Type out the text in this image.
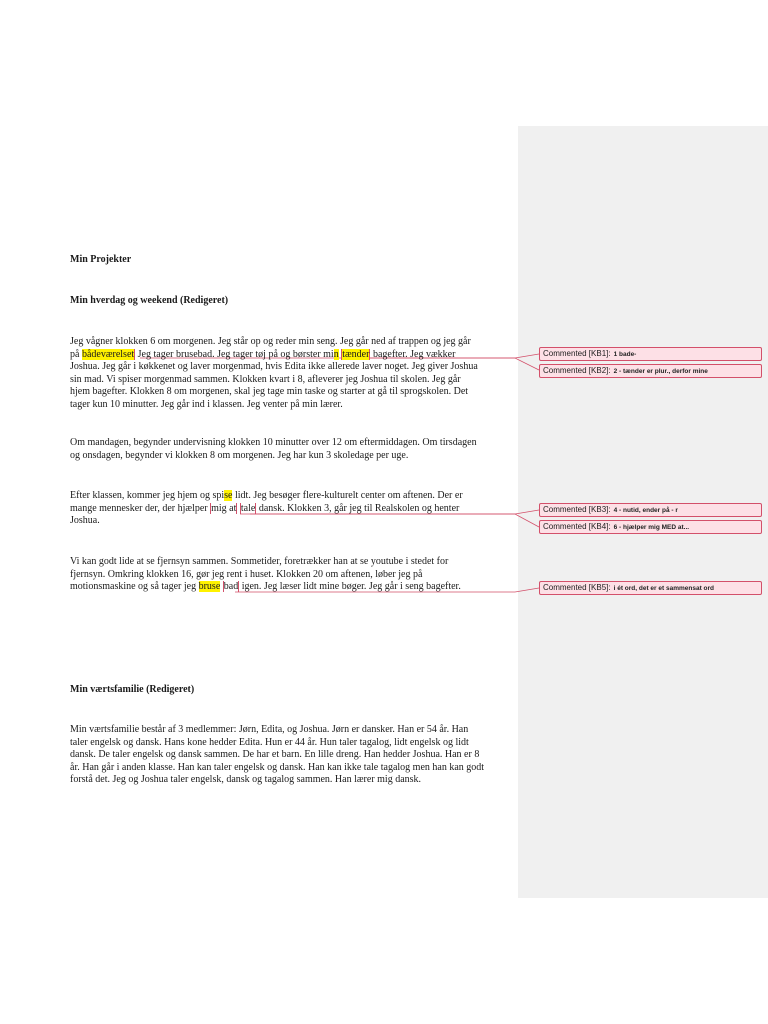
Min Projekter
Min hverdag og weekend (Redigeret)
Jeg vågner klokken 6 om morgenen. Jeg står op og reder min seng. Jeg går ned af trappen og jeg går
på bådeværelset Jeg tager brusebad. Jeg tager tøj på og børster min tænder bagefter. Jeg vækker
Joshua. Jeg går i køkkenet og laver morgenmad, hvis Edita ikke allerede laver noget. Jeg giver Joshua
sin mad. Vi spiser morgenmad sammen. Klokken kvart i 8, afleverer jeg Joshua til skolen. Jeg går
hjem bagefter. Klokken 8 om morgenen, skal jeg tage min taske og starter at gå til sprogskolen. Det
tager kun 10 minutter. Jeg går ind i klassen. Jeg venter på min lærer.
Om mandagen, begynder undervisning klokken 10 minutter over 12 om eftermiddagen. Om tirsdagen
og onsdagen, begynder vi klokken 8 om morgenen. Jeg har kun 3 skoledage per uge.
Efter klassen, kommer jeg hjem og spise lidt. Jeg besøger flere-kulturelt center om aftenen. Der er
mange mennesker der, der hjælper mig at tale dansk. Klokken 3, går jeg til Realskolen og henter
Joshua.
Vi kan godt lide at se fjernsyn sammen. Sommetider, foretrækker han at se youtube i stedet for
fjernsyn. Omkring klokken 16, gør jeg rent i huset. Klokken 20 om aftenen, løber jeg på
motionsmaskine og så tager jeg bruse bad igen. Jeg læser lidt mine bøger. Jeg går i seng bagefter.
Min værtsfamilie (Redigeret)
Min værtsfamilie består af 3 medlemmer: Jørn, Edita, og Joshua. Jørn er dansker. Han er 54 år. Han
taler engelsk og dansk. Hans kone hedder Edita. Hun er 44 år. Hun taler tagalog, lidt engelsk og lidt
dansk. De taler engelsk og dansk sammen. De har et barn. En lille dreng. Han hedder Joshua. Han er 8
år. Han går i anden klasse. Han kan taler engelsk og dansk. Han kan ikke tale tagalog men han kan godt
forstå det. Jeg og Joshua taler engelsk, dansk og tagalog sammen. Han lærer mig dansk.
Commented [KB1]: 1 bade-
Commented [KB2]: 2 - tænder er plur., derfor mine
Commented [KB3]: 4 - nutid, ender på - r
Commented [KB4]: 6 - hjælper mig MED at...
Commented [KB5]: i ét ord, det er et sammensat ord
